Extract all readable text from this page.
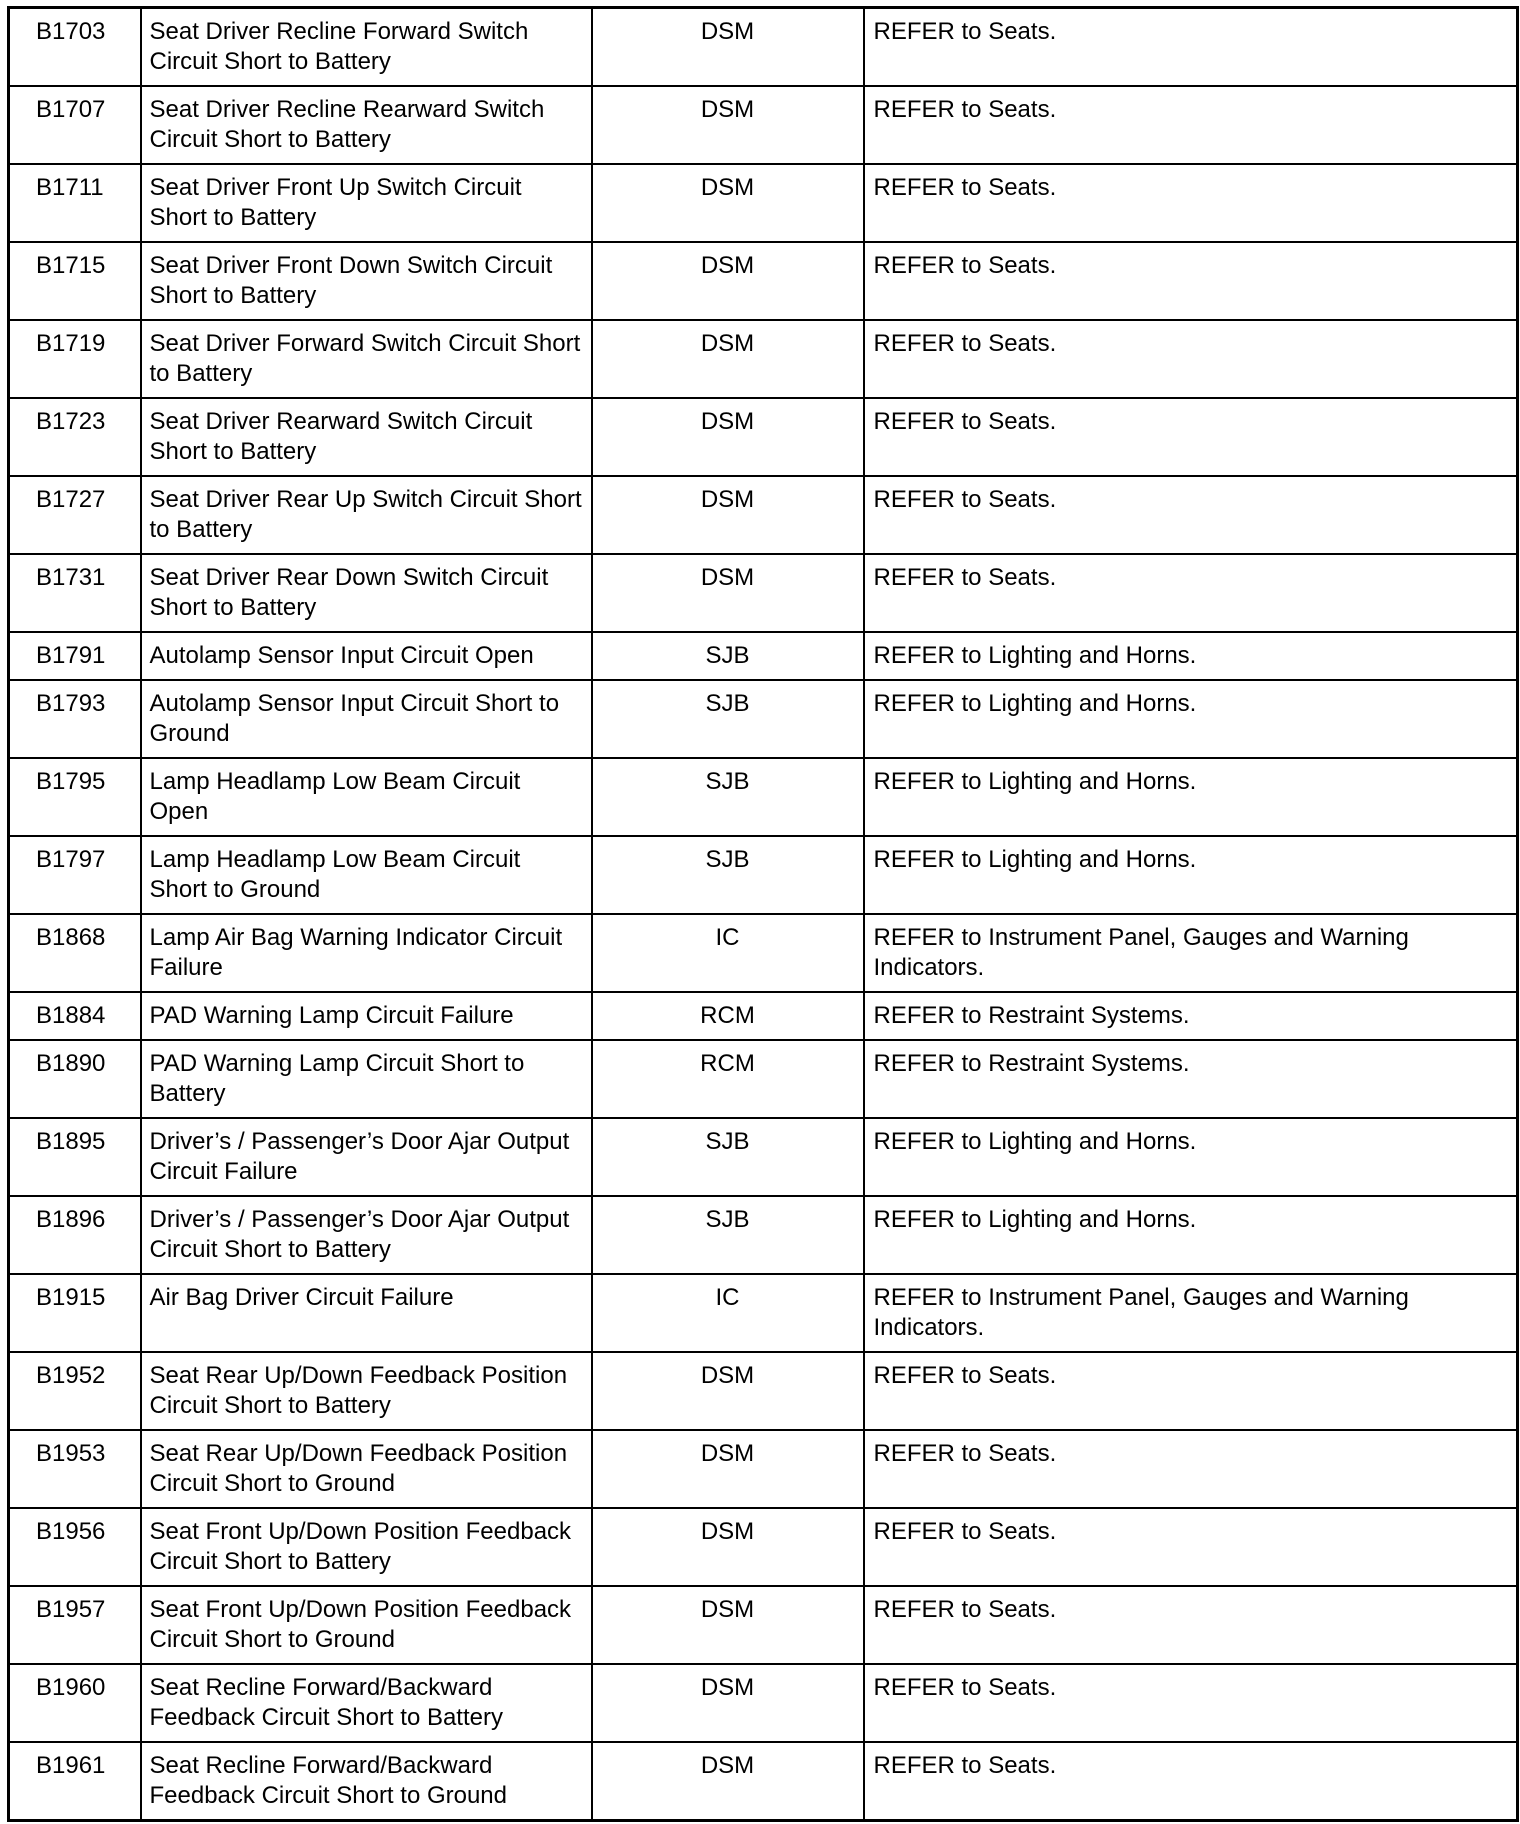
B1703	Seat Driver Recline Forward Switch Circuit Short to Battery	DSM	REFER to Seats.
B1707	Seat Driver Recline Rearward Switch Circuit Short to Battery	DSM	REFER to Seats.
B1711	Seat Driver Front Up Switch Circuit Short to Battery	DSM	REFER to Seats.
B1715	Seat Driver Front Down Switch Circuit Short to Battery	DSM	REFER to Seats.
B1719	Seat Driver Forward Switch Circuit Short to Battery	DSM	REFER to Seats.
B1723	Seat Driver Rearward Switch Circuit Short to Battery	DSM	REFER to Seats.
B1727	Seat Driver Rear Up Switch Circuit Short to Battery	DSM	REFER to Seats.
B1731	Seat Driver Rear Down Switch Circuit Short to Battery	DSM	REFER to Seats.
B1791	Autolamp Sensor Input Circuit Open	SJB	REFER to Lighting and Horns.
B1793	Autolamp Sensor Input Circuit Short to Ground	SJB	REFER to Lighting and Horns.
B1795	Lamp Headlamp Low Beam Circuit Open	SJB	REFER to Lighting and Horns.
B1797	Lamp Headlamp Low Beam Circuit Short to Ground	SJB	REFER to Lighting and Horns.
B1868	Lamp Air Bag Warning Indicator Circuit Failure	IC	REFER to Instrument Panel, Gauges and Warning Indicators.
B1884	PAD Warning Lamp Circuit Failure	RCM	REFER to Restraint Systems.
B1890	PAD Warning Lamp Circuit Short to Battery	RCM	REFER to Restraint Systems.
B1895	Driver’s / Passenger’s Door Ajar Output Circuit Failure	SJB	REFER to Lighting and Horns.
B1896	Driver’s / Passenger’s Door Ajar Output Circuit Short to Battery	SJB	REFER to Lighting and Horns.
B1915	Air Bag Driver Circuit Failure	IC	REFER to Instrument Panel, Gauges and Warning Indicators.
B1952	Seat Rear Up/Down Feedback Position Circuit Short to Battery	DSM	REFER to Seats.
B1953	Seat Rear Up/Down Feedback Position Circuit Short to Ground	DSM	REFER to Seats.
B1956	Seat Front Up/Down Position Feedback Circuit Short to Battery	DSM	REFER to Seats.
B1957	Seat Front Up/Down Position Feedback Circuit Short to Ground	DSM	REFER to Seats.
B1960	Seat Recline Forward/Backward Feedback Circuit Short to Battery	DSM	REFER to Seats.
B1961	Seat Recline Forward/Backward Feedback Circuit Short to Ground	DSM	REFER to Seats.
